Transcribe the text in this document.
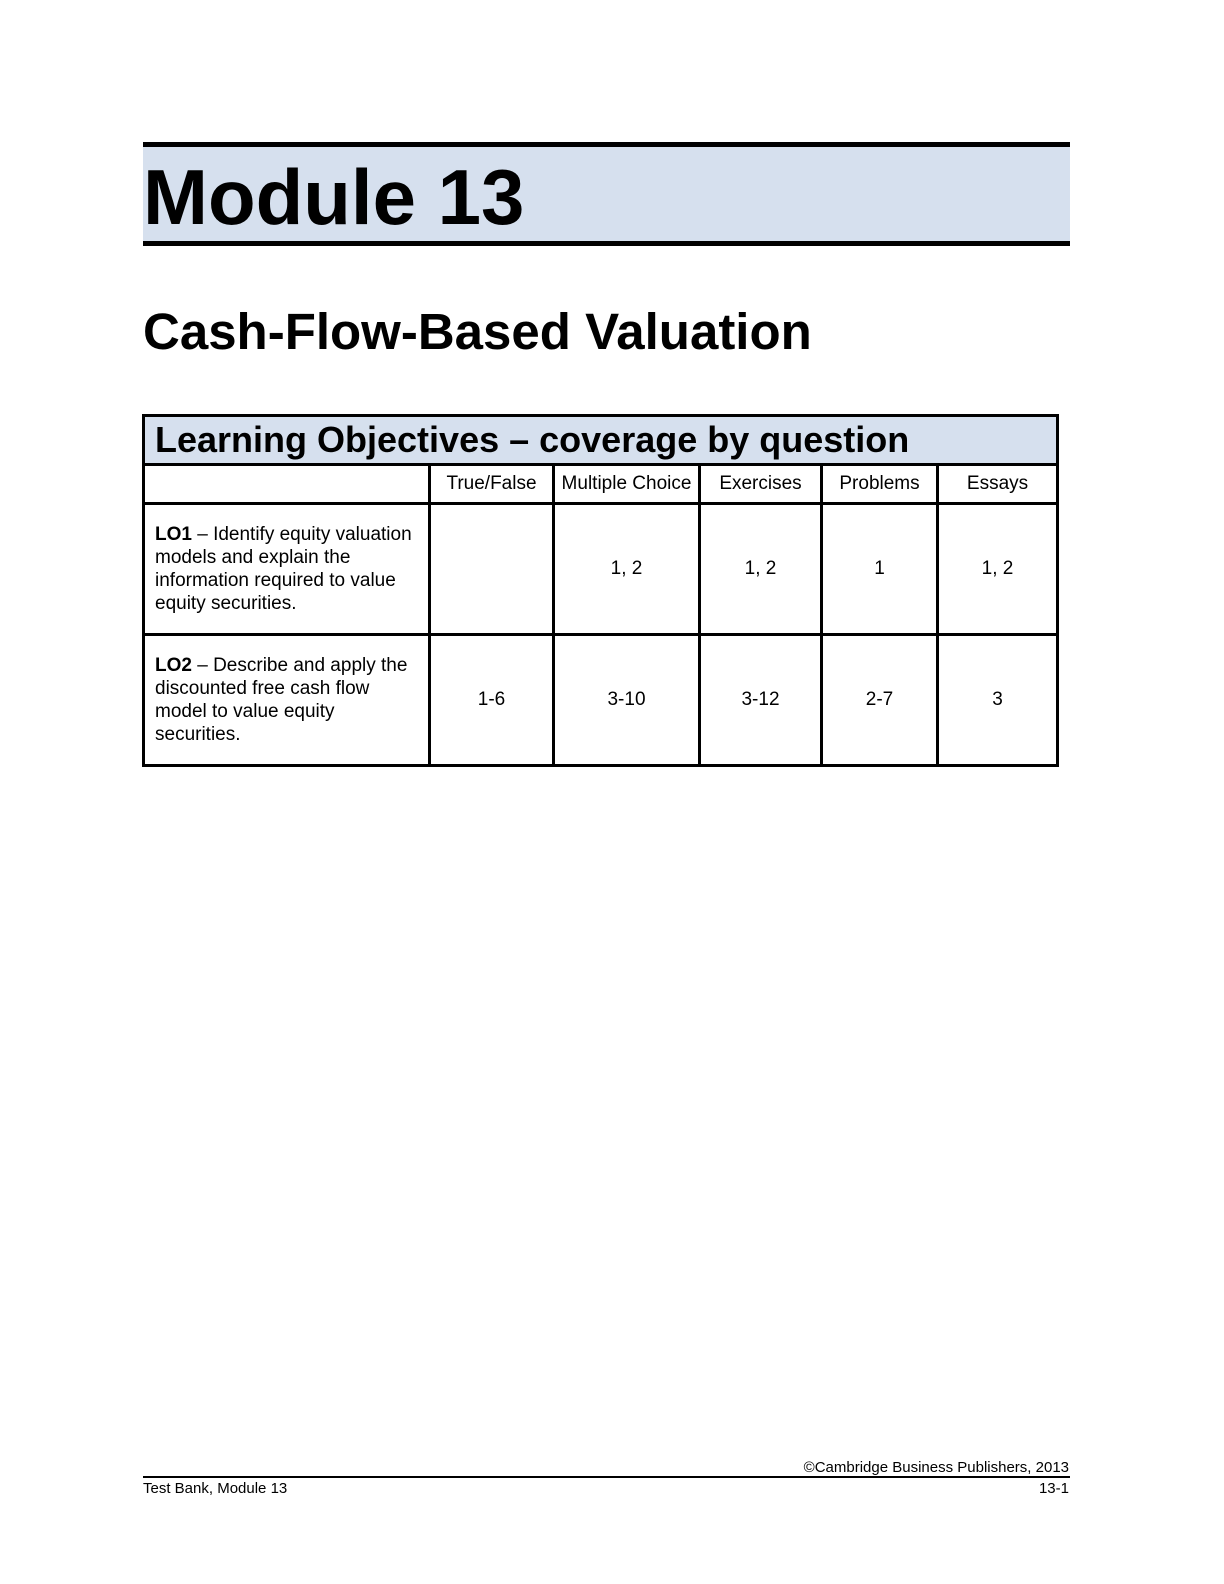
Module 13
Cash-Flow-Based Valuation
Learning Objectives – coverage by question					
	True/False	Multiple Choice	Exercises	Problems	Essays
LO1 – Identify equity valuation models and explain the information required to value equity securities.		1, 2	1, 2	1	1, 2
LO2 – Describe and apply the discounted free cash flow model to value equity securities.	1-6	3-10	3-12	2-7	3
©Cambridge Business Publishers, 2013
Test Bank, Module 13	13-1
